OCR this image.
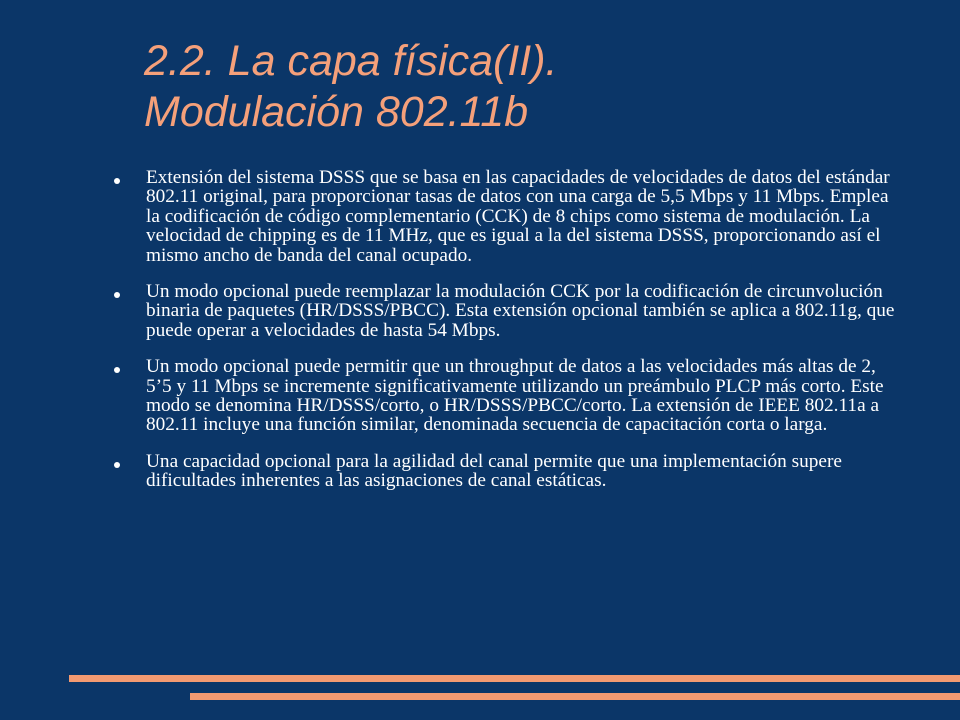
2.2. La capa física(II).
Modulación 802.11b
Extensión del sistema DSSS que se basa en las capacidades de velocidades de datos del estándar 802.11 original, para proporcionar tasas de datos con una carga de 5,5 Mbps y 11 Mbps. Emplea la codificación de código complementario (CCK) de 8 chips como sistema de modulación. La velocidad de chipping es de 11 MHz, que es igual a la del sistema DSSS, proporcionando así el mismo ancho de banda del canal ocupado.
Un modo opcional puede reemplazar la modulación CCK por la codificación de circunvolución binaria de paquetes (HR/DSSS/PBCC). Esta extensión opcional también se aplica a 802.11g, que puede operar a velocidades de hasta 54 Mbps.
Un modo opcional puede permitir que un throughput de datos a las velocidades más altas de 2, 5’5 y 11 Mbps se incremente significativamente utilizando un preámbulo PLCP más corto. Este modo se denomina HR/DSSS/corto, o HR/DSSS/PBCC/corto. La extensión de IEEE 802.11a a 802.11 incluye una función similar, denominada secuencia de capacitación corta o larga.
Una capacidad opcional para la agilidad del canal permite que una implementación supere dificultades inherentes a las asignaciones de canal estáticas.
